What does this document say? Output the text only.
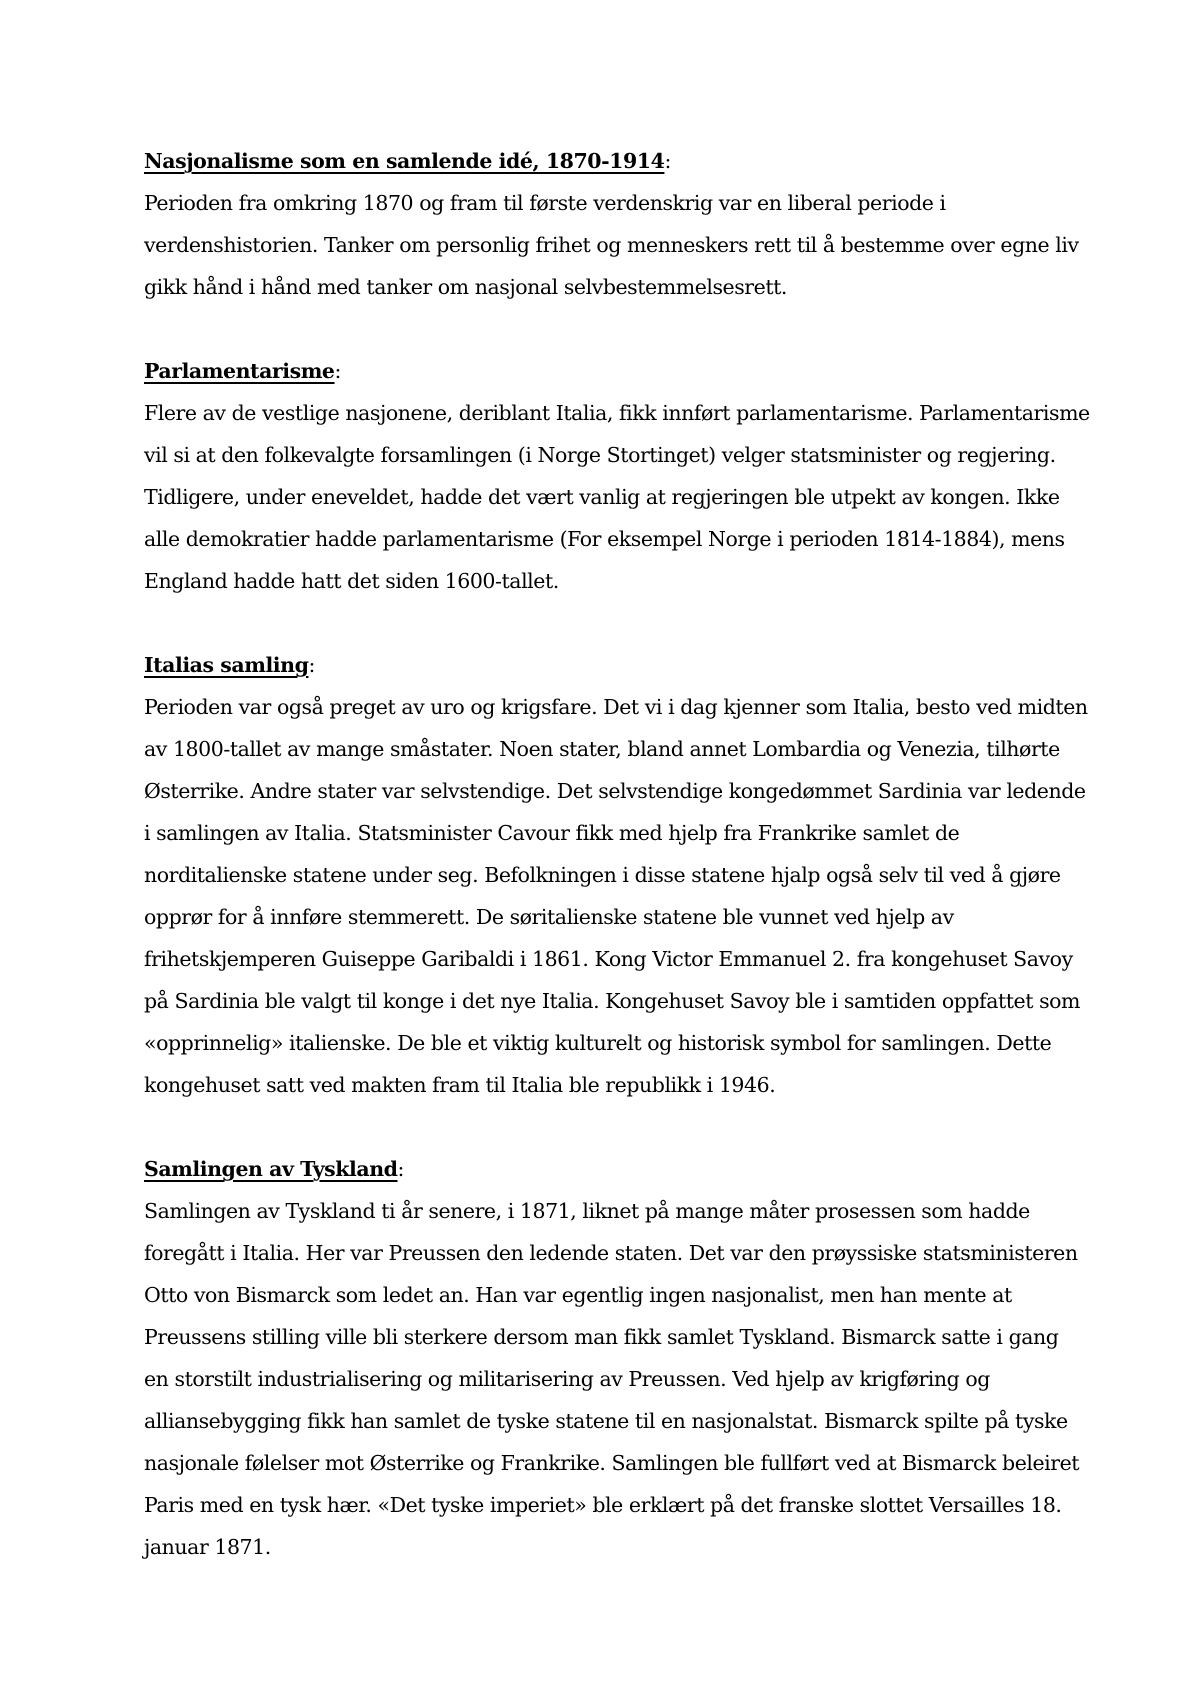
Nasjonalisme som en samlende idé, 1870-1914:
Perioden fra omkring 1870 og fram til første verdenskrig var en liberal periode i
verdenshistorien. Tanker om personlig frihet og menneskers rett til å bestemme over egne liv
gikk hånd i hånd med tanker om nasjonal selvbestemmelsesrett.
Parlamentarisme:
Flere av de vestlige nasjonene, deriblant Italia, fikk innført parlamentarisme. Parlamentarisme
vil si at den folkevalgte forsamlingen (i Norge Stortinget) velger statsminister og regjering.
Tidligere, under eneveldet, hadde det vært vanlig at regjeringen ble utpekt av kongen. Ikke
alle demokratier hadde parlamentarisme (For eksempel Norge i perioden 1814-1884), mens
England hadde hatt det siden 1600-tallet.
Italias samling:
Perioden var også preget av uro og krigsfare. Det vi i dag kjenner som Italia, besto ved midten
av 1800-tallet av mange småstater. Noen stater, bland annet Lombardia og Venezia, tilhørte
Østerrike. Andre stater var selvstendige. Det selvstendige kongedømmet Sardinia var ledende
i samlingen av Italia. Statsminister Cavour fikk med hjelp fra Frankrike samlet de
norditalienske statene under seg. Befolkningen i disse statene hjalp også selv til ved å gjøre
opprør for å innføre stemmerett. De søritalienske statene ble vunnet ved hjelp av
frihetskjemperen Guiseppe Garibaldi i 1861. Kong Victor Emmanuel 2. fra kongehuset Savoy
på Sardinia ble valgt til konge i det nye Italia. Kongehuset Savoy ble i samtiden oppfattet som
«opprinnelig» italienske. De ble et viktig kulturelt og historisk symbol for samlingen. Dette
kongehuset satt ved makten fram til Italia ble republikk i 1946.
Samlingen av Tyskland:
Samlingen av Tyskland ti år senere, i 1871, liknet på mange måter prosessen som hadde
foregått i Italia. Her var Preussen den ledende staten. Det var den prøyssiske statsministeren
Otto von Bismarck som ledet an. Han var egentlig ingen nasjonalist, men han mente at
Preussens stilling ville bli sterkere dersom man fikk samlet Tyskland. Bismarck satte i gang
en storstilt industrialisering og militarisering av Preussen. Ved hjelp av krigføring og
alliansebygging fikk han samlet de tyske statene til en nasjonalstat. Bismarck spilte på tyske
nasjonale følelser mot Østerrike og Frankrike. Samlingen ble fullført ved at Bismarck beleiret
Paris med en tysk hær. «Det tyske imperiet» ble erklært på det franske slottet Versailles 18.
januar 1871.
